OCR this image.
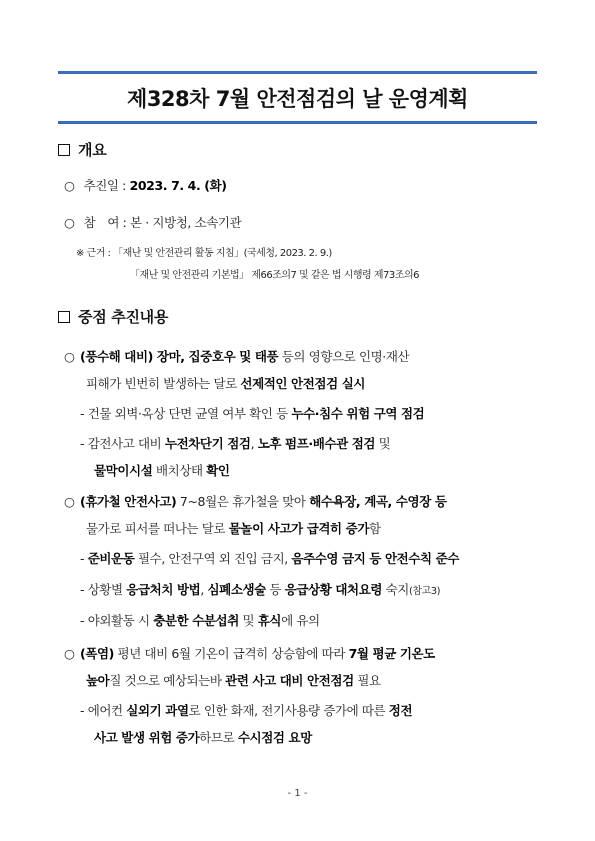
제328차 7월 안전점검의 날 운영계획
개요
○ 추진일 : 2023. 7. 4. (화)
○ 참　여 : 본 · 지방청, 소속기관
※ 근거 : 「재난 및 안전관리 활동 지침」(국세청, 2023. 2. 9.)
「재난 및 안전관리 기본법」 제66조의7 및 같은 법 시행령 제73조의6
중점 추진내용
○ (풍수해 대비) 장마, 집중호우 및 태풍 등의 영향으로 인명·재산
피해가 빈번히 발생하는 달로 선제적인 안전점검 실시
- 건물 외벽·옥상 단면 균열 여부 확인 등 누수·침수 위험 구역 점검
- 감전사고 대비 누전차단기 점검, 노후 펌프·배수관 점검 및
물막이시설 배치상태 확인
○ (휴가철 안전사고) 7~8월은 휴가철을 맞아 해수욕장, 계곡, 수영장 등
물가로 피서를 떠나는 달로 물놀이 사고가 급격히 증가함
- 준비운동 필수, 안전구역 외 진입 금지, 음주수영 금지 등 안전수칙 준수
- 상황별 응급처치 방법, 심폐소생술 등 응급상황 대처요령 숙지(참고3)
- 야외활동 시 충분한 수분섭취 및 휴식에 유의
○ (폭염) 평년 대비 6월 기온이 급격히 상승함에 따라 7월 평균 기온도
높아질 것으로 예상되는바 관련 사고 대비 안전점검 필요
- 에어컨 실외기 과열로 인한 화재, 전기사용량 증가에 따른 정전
사고 발생 위험 증가하므로 수시점검 요망
- 1 -
